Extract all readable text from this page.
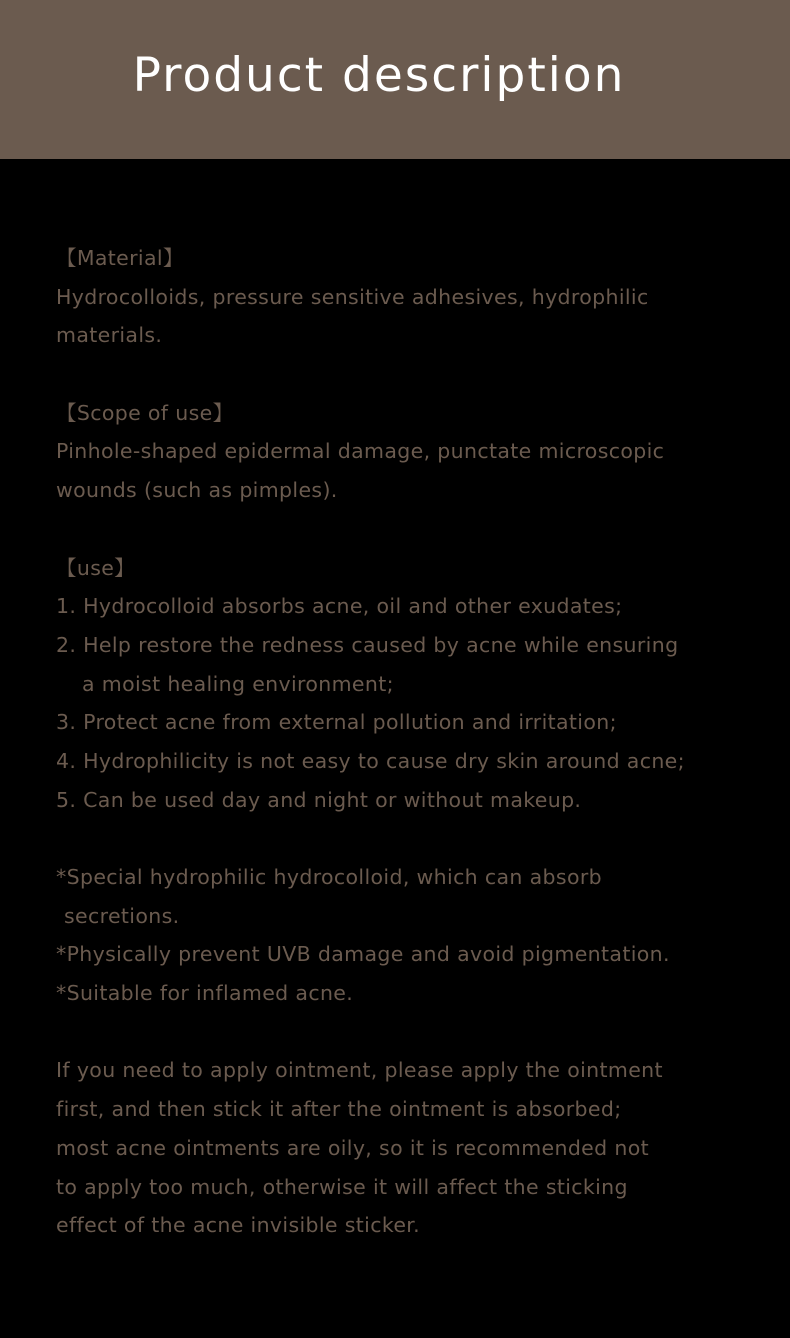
Product description
【Material】
Hydrocolloids, pressure sensitive adhesives, hydrophilic
materials.
【Scope of use】
Pinhole-shaped epidermal damage, punctate microscopic
wounds (such as pimples).
【use】
1. Hydrocolloid absorbs acne, oil and other exudates;
2. Help restore the redness caused by acne while ensuring
a moist healing environment;
3. Protect acne from external pollution and irritation;
4. Hydrophilicity is not easy to cause dry skin around acne;
5. Can be used day and night or without makeup.
*Special hydrophilic hydrocolloid, which can absorb
secretions.
*Physically prevent UVB damage and avoid pigmentation.
*Suitable for inflamed acne.
If you need to apply ointment, please apply the ointment
first, and then stick it after the ointment is absorbed;
most acne ointments are oily, so it is recommended not
to apply too much, otherwise it will affect the sticking
effect of the acne invisible sticker.
